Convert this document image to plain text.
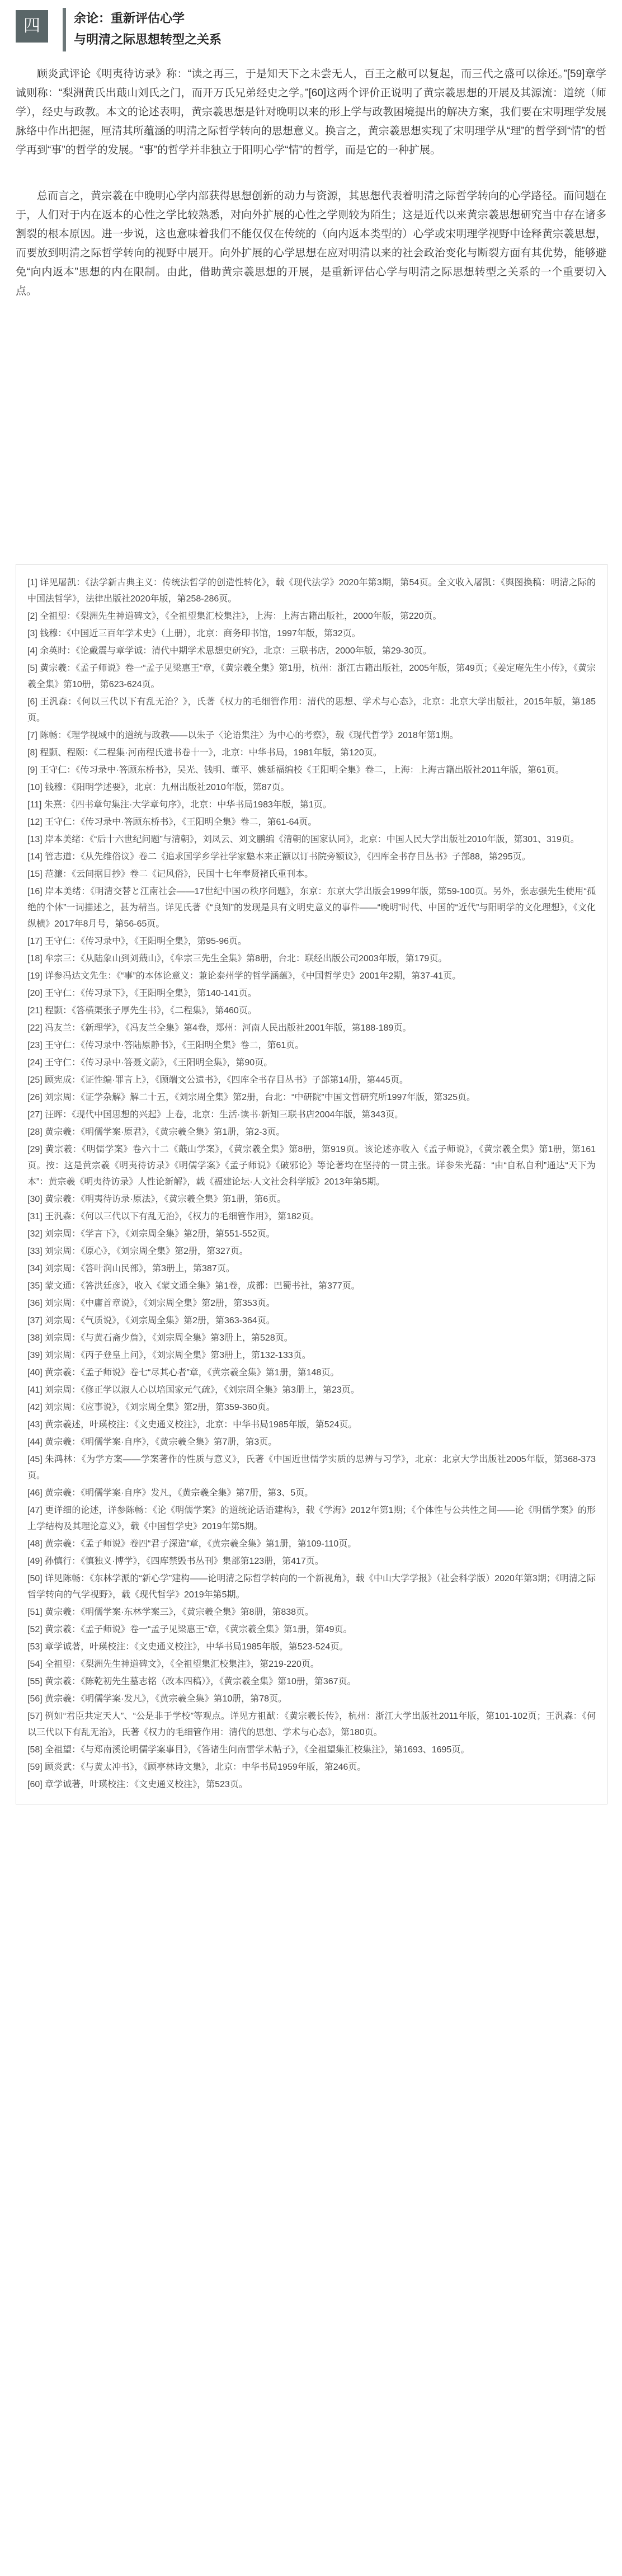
四	余论：重新评估心学
与明清之际思想转型之关系

顾炎武评论《明夷待访录》称：“读之再三，于是知天下之未尝无人，百王之敝可以复起，而三代之盛可以徐还。”[59]章学诚则称：“梨洲黄氏出蕺山刘氏之门，而开万氏兄弟经史之学。”[60]这两个评价正说明了黄宗羲思想的开展及其源流：道统（师学），经史与政教。本文的论述表明，黄宗羲思想是针对晚明以来的形上学与政教困境提出的解决方案，我们要在宋明理学发展脉络中作出把握，厘清其所蕴涵的明清之际哲学转向的思想意义。换言之，黄宗羲思想实现了宋明理学从“理”的哲学到“情”的哲学再到“事”的哲学的发展。“事”的哲学并非独立于阳明心学“情”的哲学，而是它的一种扩展。

总而言之，黄宗羲在中晚明心学内部获得思想创新的动力与资源，其思想代表着明清之际哲学转向的心学路径。而问题在于，人们对于内在返本的心性之学比较熟悉，对向外扩展的心性之学则较为陌生；这是近代以来黄宗羲思想研究当中存在诸多割裂的根本原因。进一步说，这也意味着我们不能仅仅在传统的（向内返本类型的）心学或宋明理学视野中诠释黄宗羲思想，而要放到明清之际哲学转向的视野中展开。向外扩展的心学思想在应对明清以来的社会政治变化与断裂方面有其优势，能够避免“向内返本”思想的内在限制。由此，借助黄宗羲思想的开展，是重新评估心学与明清之际思想转型之关系的一个重要切入点。

[1] 详见屠凯：《法学新古典主义：传统法哲学的创造性转化》，载《现代法学》2020年第3期，第54页。全文收入屠凯：《舆图换稿：明清之际的中国法哲学》，法律出版社2020年版，第258-286页。
[2] 全祖望：《梨洲先生神道碑文》，《全祖望集汇校集注》，上海：上海古籍出版社，2000年版，第220页。
[3] 钱穆：《中国近三百年学术史》（上册），北京：商务印书馆，1997年版，第32页。
[4] 余英时：《论戴震与章学诚：清代中期学术思想史研究》，北京：三联书店，2000年版，第29-30页。
[5] 黄宗羲：《孟子师说》卷一“孟子见梁惠王”章，《黄宗羲全集》第1册，杭州：浙江古籍出版社，2005年版，第49页；《姜定庵先生小传》，《黄宗羲全集》第10册，第623-624页。
[6] 王汎森：《何以三代以下有乱无治？》，氏著《权力的毛细管作用：清代的思想、学术与心态》，北京：北京大学出版社，2015年版，第185页。
[7] 陈畅：《理学视域中的道统与政教——以朱子〈论语集注〉为中心的考察》，载《现代哲学》2018年第1期。
[8] 程颢、程颐：《二程集·河南程氏遗书卷十一》，北京：中华书局，1981年版，第120页。
[9] 王守仁：《传习录中·答顾东桥书》，吴光、钱明、董平、姚延福编校《王阳明全集》卷二，上海：上海古籍出版社2011年版，第61页。
[10] 钱穆：《阳明学述要》，北京：九州出版社2010年版，第87页。
[11] 朱熹：《四书章句集注·大学章句序》，北京：中华书局1983年版，第1页。
[12] 王守仁：《传习录中·答顾东桥书》，《王阳明全集》卷二，第61-64页。
[13] 岸本美绪：《“后十六世纪问题”与清朝》，刘凤云、刘文鹏编《清朝的国家认同》，北京：中国人民大学出版社2010年版，第301、319页。
[14] 管志道：《从先维俗议》卷二《追求国学乡学社学家塾本来正额以订书院旁额议》，《四库全书存目丛书》子部88，第295页。
[15] 范濂：《云间据目抄》卷二《记风俗》，民国十七年奉贤褚氏重刊本。
[16] 岸本美绪：《明清交替と江南社会——17世纪中国の秩序问题》，东京：东京大学出版会1999年版，第59-100页。另外，张志强先生使用“孤绝的个体”一词描述之，甚为精当。详见氏著《“良知”的发现是具有文明史意义的事件——“晚明”时代、中国的“近代”与阳明学的文化理想》，《文化纵横》2017年8月号，第56-65页。
[17] 王守仁：《传习录中》，《王阳明全集》，第95-96页。
[18] 牟宗三：《从陆象山到刘蕺山》，《牟宗三先生全集》第8册，台北：联经出版公司2003年版，第179页。
[19] 详参冯达文先生：《“事”的本体论意义：兼论泰州学的哲学涵蕴》，《中国哲学史》2001年2期，第37-41页。
[20] 王守仁：《传习录下》，《王阳明全集》，第140-141页。
[21] 程颢：《答横渠张子厚先生书》，《二程集》，第460页。
[22] 冯友兰：《新理学》，《冯友兰全集》第4卷，郑州：河南人民出版社2001年版，第188-189页。
[23] 王守仁：《传习录中·答陆原静书》，《王阳明全集》卷二，第61页。
[24] 王守仁：《传习录中·答聂文蔚》，《王阳明全集》，第90页。
[25] 顾宪成：《证性编·罪言上》，《顾端文公遗书》，《四库全书存目丛书》子部第14册，第445页。
[26] 刘宗周：《证学杂解》解二十五，《刘宗周全集》第2册，台北：“中研院”中国文哲研究所1997年版，第325页。
[27] 汪晖：《现代中国思想的兴起》上卷，北京：生活·读书·新知三联书店2004年版，第343页。
[28] 黄宗羲：《明儒学案·原君》，《黄宗羲全集》第1册，第2-3页。
[29] 黄宗羲：《明儒学案》卷六十二《蕺山学案》，《黄宗羲全集》第8册，第919页。该论述亦收入《孟子师说》，《黄宗羲全集》第1册，第161页。按：这是黄宗羲《明夷待访录》《明儒学案》《孟子师说》《破邪论》等论著均在坚持的一贯主张。详参朱光磊：“由“自私自利”通达“天下为本”：黄宗羲《明夷待访录》人性论新解》，载《福建论坛·人文社会科学版》2013年第5期。
[30] 黄宗羲：《明夷待访录·原法》，《黄宗羲全集》第1册，第6页。
[31] 王汎森：《何以三代以下有乱无治》，《权力的毛细管作用》，第182页。
[32] 刘宗周：《学言下》，《刘宗周全集》第2册，第551-552页。
[33] 刘宗周：《原心》，《刘宗周全集》第2册，第327页。
[34] 刘宗周：《答叶润山民部》，第3册上，第387页。
[35] 蒙文通：《答洪廷彦》，收入《蒙文通全集》第1卷，成都：巴蜀书社，第377页。
[36] 刘宗周：《中庸首章说》，《刘宗周全集》第2册，第353页。
[37] 刘宗周：《气质说》，《刘宗周全集》第2册，第363-364页。
[38] 刘宗周：《与黄石斋少詹》，《刘宗周全集》第3册上，第528页。
[39] 刘宗周：《丙子登皇上问》，《刘宗周全集》第3册上，第132-133页。
[40] 黄宗羲：《孟子师说》卷七“尽其心者”章，《黄宗羲全集》第1册，第148页。
[41] 刘宗周：《修正学以淑人心以培国家元气疏》，《刘宗周全集》第3册上，第23页。
[42] 刘宗周：《应事说》，《刘宗周全集》第2册，第359-360页。
[43] 黄宗羲述，叶瑛校注：《文史通义校注》，北京：中华书局1985年版，第524页。
[44] 黄宗羲：《明儒学案·自序》，《黄宗羲全集》第7册，第3页。
[45] 朱鸿林：《为学方案——学案著作的性质与意义》，氏著《中国近世儒学实质的思辨与习学》，北京：北京大学出版社2005年版，第368-373页。
[46] 黄宗羲：《明儒学案·自序》发凡，《黄宗羲全集》第7册，第3、5页。
[47] 更详细的论述，详参陈畅：《论《明儒学案》的道统论话语建构》，载《学海》2012年第1期；《个体性与公共性之间——论《明儒学案》的形上学结构及其理论意义》，载《中国哲学史》2019年第5期。
[48] 黄宗羲：《孟子师说》卷四“君子深造”章，《黄宗羲全集》第1册，第109-110页。
[49] 孙慎行：《慎独义·博学》，《四库禁毁书丛刊》集部第123册，第417页。
[50] 详见陈畅：《东林学派的“新心学”建构——论明清之际哲学转向的一个新视角》，载《中山大学学报》（社会科学版）2020年第3期；《明清之际哲学转向的气学视野》，载《现代哲学》2019年第5期。
[51] 黄宗羲：《明儒学案·东林学案三》，《黄宗羲全集》第8册，第838页。
[52] 黄宗羲：《孟子师说》卷一“孟子见梁惠王”章，《黄宗羲全集》第1册，第49页。
[53] 章学诚著，叶瑛校注：《文史通义校注》，中华书局1985年版，第523-524页。
[54] 全祖望：《梨洲先生神道碑文》，《全祖望集汇校集注》，第219-220页。
[55] 黄宗羲：《陈乾初先生墓志铭（改本四稿）》，《黄宗羲全集》第10册，第367页。
[56] 黄宗羲：《明儒学案·发凡》，《黄宗羲全集》第10册，第78页。
[57] 例如“君臣共定天人”、“公是非于学校”等观点。详见方祖猷：《黄宗羲长传》，杭州：浙江大学出版社2011年版，第101-102页；王汎森：《何以三代以下有乱无治》，氏著《权力的毛细管作用：清代的思想、学术与心态》，第180页。
[58] 全祖望：《与郑南溪论明儒学案事目》，《答诸生问南雷学术帖子》，《全祖望集汇校集注》，第1693、1695页。
[59] 顾炎武：《与黄太冲书》，《顾亭林诗文集》，北京：中华书局1959年版，第246页。
[60] 章学诚著，叶瑛校注：《文史通义校注》，第523页。
